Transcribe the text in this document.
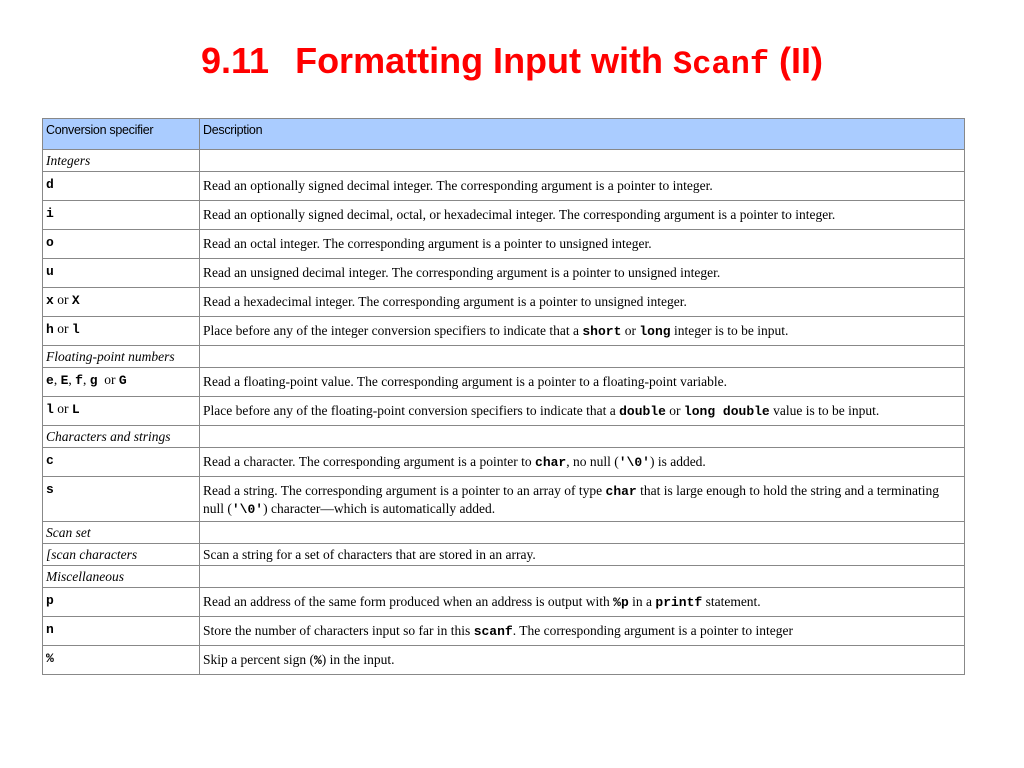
9.11 Formatting Input with Scanf (II)
Conversion specifier	Description
Integers	
d	Read an optionally signed decimal integer. The corresponding argument is a pointer to integer.
i	Read an optionally signed decimal, octal, or hexadecimal integer. The corresponding argument is a pointer to integer.
o	Read an octal integer. The corresponding argument is a pointer to unsigned integer.
u	Read an unsigned decimal integer. The corresponding argument is a pointer to unsigned integer.
x or X	Read a hexadecimal integer. The corresponding argument is a pointer to unsigned integer.
h or l	Place before any of the integer conversion specifiers to indicate that a short or long integer is to be input.
Floating-point numbers	
e, E, f, g  or G	Read a floating-point value. The corresponding argument is a pointer to a floating-point variable.
l or L	Place before any of the floating-point conversion specifiers to indicate that a double or long double value is to be input.
Characters and strings	
c	Read a character. The corresponding argument is a pointer to char, no null ('\0') is added.
s	Read a string. The corresponding argument is a pointer to an array of type char that is large enough to hold the string and a terminating null ('\0') character—which is automatically added.
Scan set	
[scan characters	Scan a string for a set of characters that are stored in an array.
Miscellaneous	
p	Read an address of the same form produced when an address is output with %p in a printf statement.
n	Store the number of characters input so far in this scanf. The corresponding argument is a pointer to integer
%	Skip a percent sign (%) in the input.
